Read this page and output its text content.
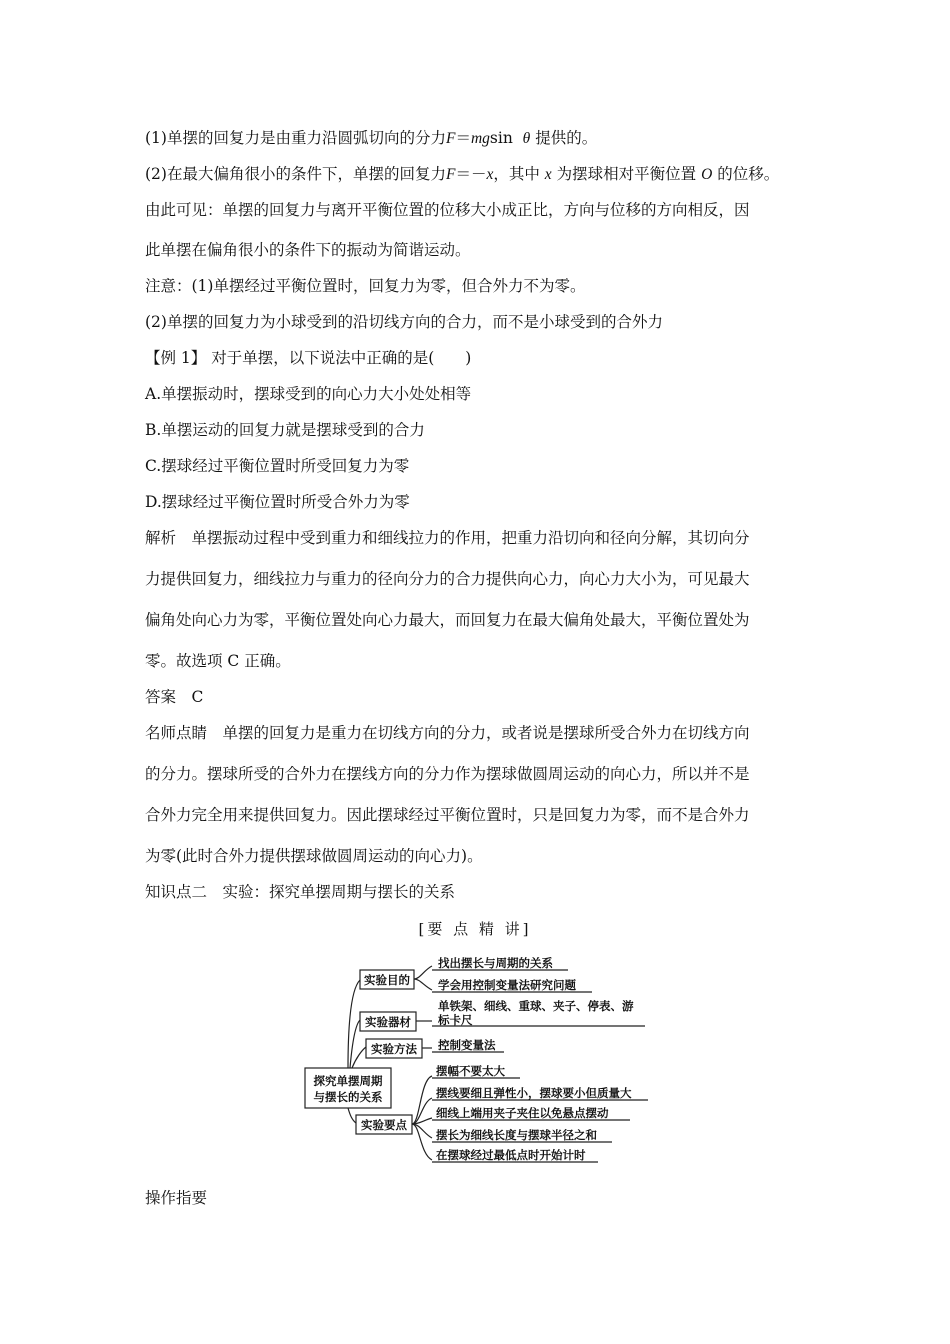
(1)单摆的回复力是由重力沿圆弧切向的分力F＝mgsin  θ 提供的。
(2)在最大偏角很小的条件下，单摆的回复力F＝－x，其中 x 为摆球相对平衡位置 O 的位移。
由此可见：单摆的回复力与离开平衡位置的位移大小成正比，方向与位移的方向相反，因
此单摆在偏角很小的条件下的振动为简谐运动。
注意：(1)单摆经过平衡位置时，回复力为零，但合外力不为零。
(2)单摆的回复力为小球受到的沿切线方向的合力，而不是小球受到的合外力
【例 1】 对于单摆，以下说法中正确的是(　　)
A.单摆振动时，摆球受到的向心力大小处处相等
B.单摆运动的回复力就是摆球受到的合力
C.摆球经过平衡位置时所受回复力为零
D.摆球经过平衡位置时所受合外力为零
解析　单摆振动过程中受到重力和细线拉力的作用，把重力沿切向和径向分解，其切向分
力提供回复力，细线拉力与重力的径向分力的合力提供向心力，向心力大小为，可见最大
偏角处向心力为零，平衡位置处向心力最大，而回复力在最大偏角处最大，平衡位置处为
零。故选项 C 正确。
答案　C
名师点睛　单摆的回复力是重力在切线方向的分力，或者说是摆球所受合外力在切线方向
的分力。摆球所受的合外力在摆线方向的分力作为摆球做圆周运动的向心力，所以并不是
合外力完全用来提供回复力。因此摆球经过平衡位置时，只是回复力为零，而不是合外力
为零(此时合外力提供摆球做圆周运动的向心力)。
知识点二　实验：探究单摆周期与摆长的关系
[要 点 精 讲]
探究单摆周期
与摆长的关系
实验目的
实验器材
实验方法
实验要点
找出摆长与周期的关系
学会用控制变量法研究问题
单铁架、细线、重球、夹子、停表、游
标卡尺
控制变量法
摆幅不要太大
摆线要细且弹性小，摆球要小但质量大
细线上端用夹子夹住以免悬点摆动
摆长为细线长度与摆球半径之和
在摆球经过最低点时开始计时
操作指要
